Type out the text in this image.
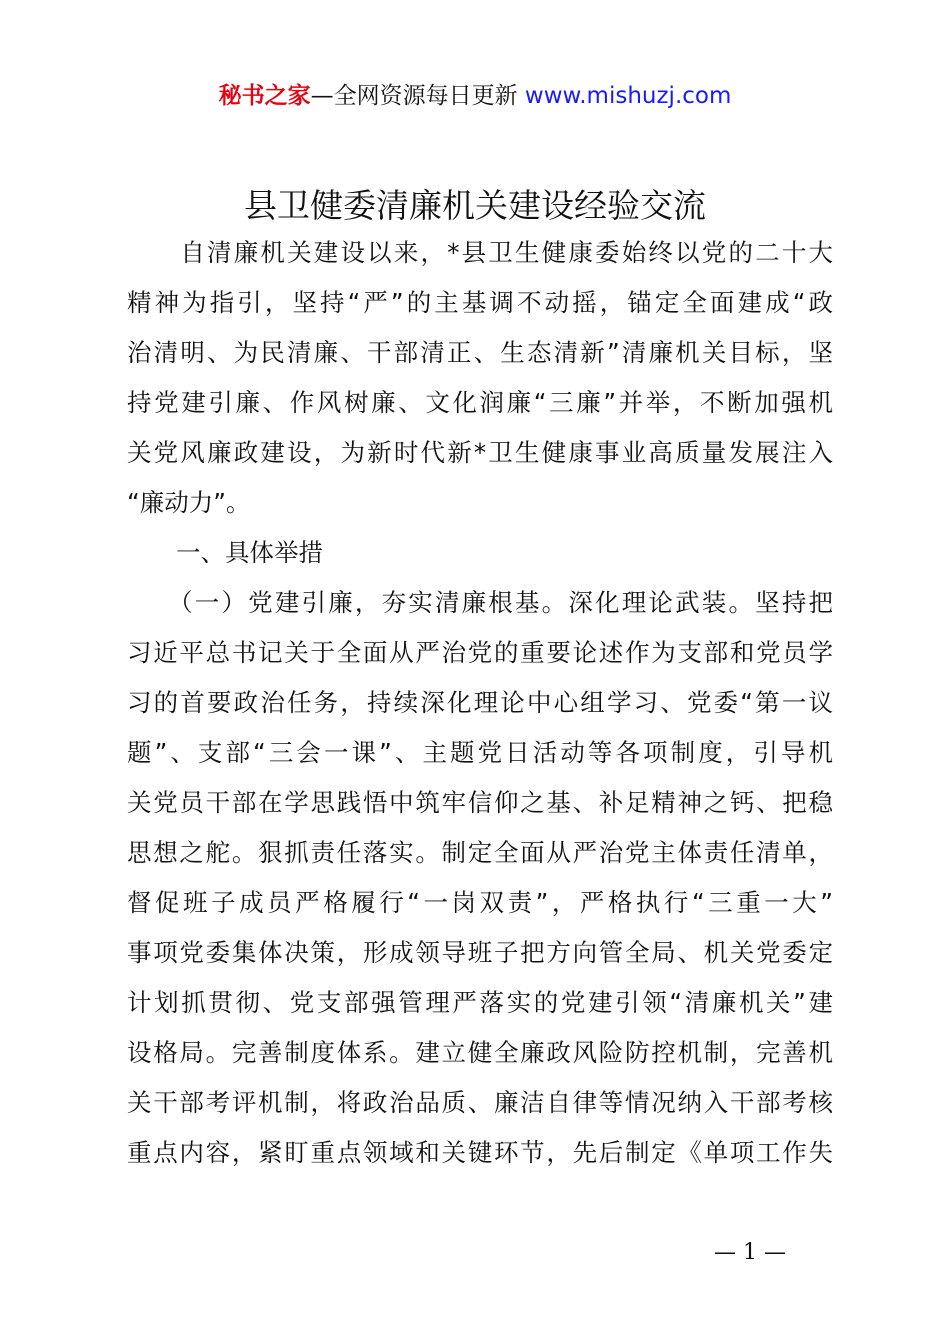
秘书之家—全网资源每日更新 www.mishuzj.com
县卫健委清廉机关建设经验交流

　　自清廉机关建设以来，*县卫生健康委始终以党的二十大

精神为指引，坚持“严”的主基调不动摇，锚定全面建成“政

治清明、为民清廉、干部清正、生态清新”清廉机关目标，坚

持党建引廉、作风树廉、文化润廉“三廉”并举，不断加强机

关党风廉政建设，为新时代新*卫生健康事业高质量发展注入

“廉动力”。

　　一、具体举措

　　（一）党建引廉，夯实清廉根基。深化理论武装。坚持把

习近平总书记关于全面从严治党的重要论述作为支部和党员学

习的首要政治任务，持续深化理论中心组学习、党委“第一议

题”、支部“三会一课”、主题党日活动等各项制度，引导机

关党员干部在学思践悟中筑牢信仰之基、补足精神之钙、把稳

思想之舵。狠抓责任落实。制定全面从严治党主体责任清单，

督促班子成员严格履行“一岗双责”，严格执行“三重一大”

事项党委集体决策，形成领导班子把方向管全局、机关党委定

计划抓贯彻、党支部强管理严落实的党建引领“清廉机关”建

设格局。完善制度体系。建立健全廉政风险防控机制，完善机

关干部考评机制，将政治品质、廉洁自律等情况纳入干部考核

重点内容，紧盯重点领域和关键环节，先后制定《单项工作失

— 1 —
